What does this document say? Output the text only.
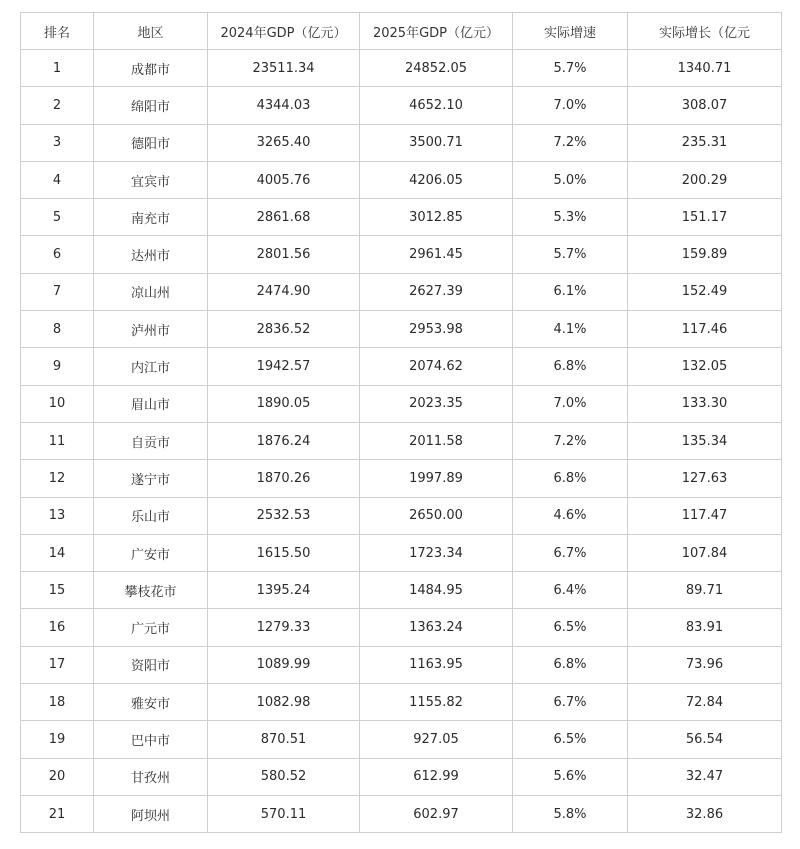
排名	地区	2024年GDP（亿元）	2025年GDP（亿元）	实际增速	实际增长（亿元
1	成都市	23511.34	24852.05	5.7%	1340.71
2	绵阳市	4344.03	4652.10	7.0%	308.07
3	德阳市	3265.40	3500.71	7.2%	235.31
4	宜宾市	4005.76	4206.05	5.0%	200.29
5	南充市	2861.68	3012.85	5.3%	151.17
6	达州市	2801.56	2961.45	5.7%	159.89
7	凉山州	2474.90	2627.39	6.1%	152.49
8	泸州市	2836.52	2953.98	4.1%	117.46
9	内江市	1942.57	2074.62	6.8%	132.05
10	眉山市	1890.05	2023.35	7.0%	133.30
11	自贡市	1876.24	2011.58	7.2%	135.34
12	遂宁市	1870.26	1997.89	6.8%	127.63
13	乐山市	2532.53	2650.00	4.6%	117.47
14	广安市	1615.50	1723.34	6.7%	107.84
15	攀枝花市	1395.24	1484.95	6.4%	89.71
16	广元市	1279.33	1363.24	6.5%	83.91
17	资阳市	1089.99	1163.95	6.8%	73.96
18	雅安市	1082.98	1155.82	6.7%	72.84
19	巴中市	870.51	927.05	6.5%	56.54
20	甘孜州	580.52	612.99	5.6%	32.47
21	阿坝州	570.11	602.97	5.8%	32.86
